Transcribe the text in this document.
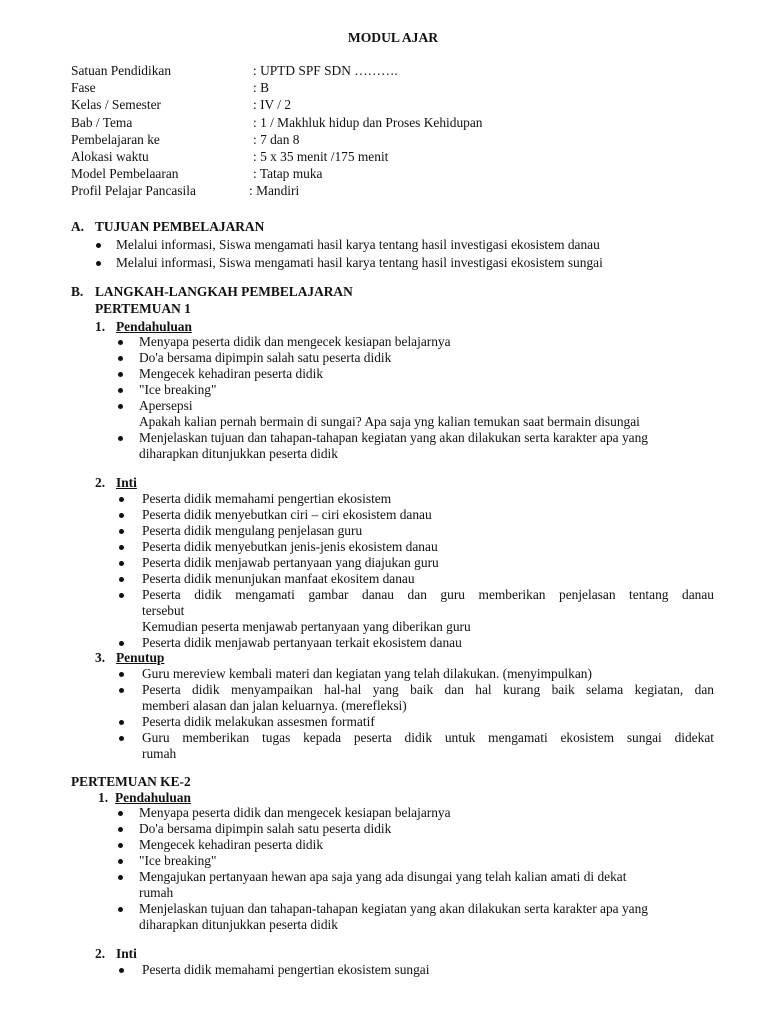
MODUL AJAR
Satuan Pendidikan	: UPTD SPF SDN ……….
Fase	: B
Kelas / Semester	: IV / 2
Bab / Tema	: 1 / Makhluk hidup dan Proses Kehidupan
Pembelajaran ke	: 7 dan 8
Alokasi waktu	: 5 x 35 menit /175 menit
Model Pembelaaran	: Tatap muka
Profil Pelajar Pancasila	: Mandiri
A. TUJUAN PEMBELAJARAN
Melalui informasi, Siswa mengamati hasil karya tentang hasil investigasi ekosistem danau
Melalui informasi, Siswa mengamati hasil karya tentang hasil investigasi ekosistem sungai
B. LANGKAH-LANGKAH PEMBELAJARAN
PERTEMUAN 1
1. Pendahuluan
Menyapa peserta didik dan mengecek kesiapan belajarnya
Do'a bersama dipimpin salah satu peserta didik
Mengecek kehadiran peserta didik
"Ice breaking"
Apersepsi
Apakah kalian pernah bermain di sungai? Apa saja yng kalian temukan saat bermain disungai
Menjelaskan tujuan dan tahapan-tahapan kegiatan yang akan dilakukan serta karakter apa yang
diharapkan ditunjukkan peserta didik
2. Inti
Peserta didik memahami pengertian ekosistem
Peserta didik menyebutkan ciri – ciri ekosistem danau
Peserta didik mengulang penjelasan guru
Peserta didik menyebutkan jenis-jenis ekosistem danau
Peserta didik menjawab pertanyaan yang diajukan guru
Peserta didik menunjukan manfaat ekositem danau
Peserta didik mengamati gambar danau dan guru memberikan penjelasan tentang danau
tersebut
Kemudian peserta menjawab pertanyaan yang diberikan guru
Peserta didik menjawab pertanyaan terkait ekosistem danau
3. Penutup
Guru mereview kembali materi dan kegiatan yang telah dilakukan. (menyimpulkan)
Peserta didik menyampaikan hal-hal yang baik dan hal kurang baik selama kegiatan, dan
memberi alasan dan jalan keluarnya. (merefleksi)
Peserta didik melakukan assesmen formatif
Guru memberikan tugas kepada peserta didik untuk mengamati ekosistem sungai didekat
rumah
PERTEMUAN KE-2
1. Pendahuluan
Menyapa peserta didik dan mengecek kesiapan belajarnya
Do'a bersama dipimpin salah satu peserta didik
Mengecek kehadiran peserta didik
"Ice breaking"
Mengajukan pertanyaan hewan apa saja yang ada disungai yang telah kalian amati di dekat
rumah
Menjelaskan tujuan dan tahapan-tahapan kegiatan yang akan dilakukan serta karakter apa yang
diharapkan ditunjukkan peserta didik
2. Inti
Peserta didik memahami pengertian ekosistem sungai
